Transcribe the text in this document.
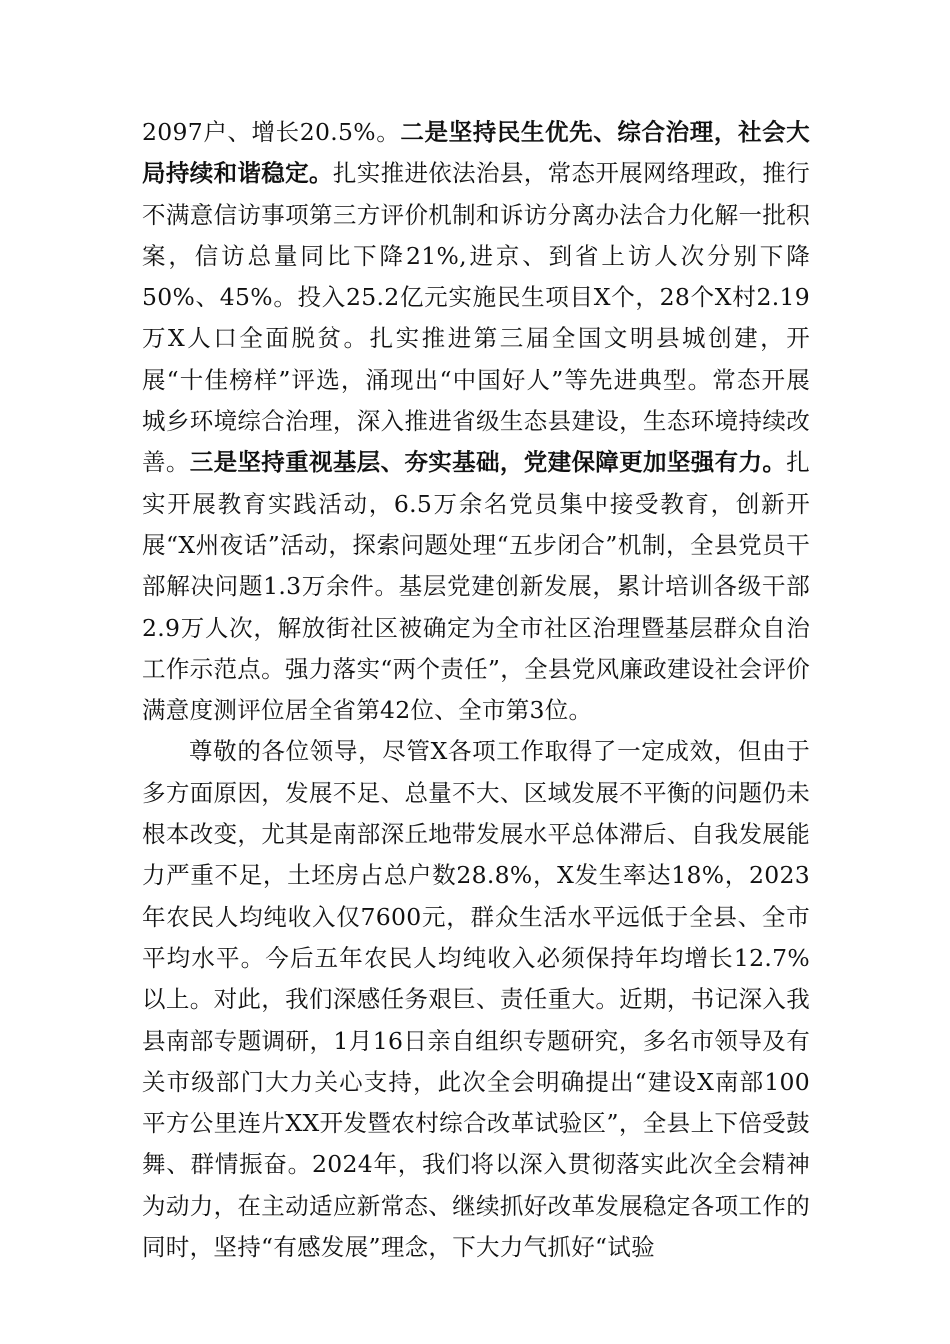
2097户、增长20.5%。二是坚持民生优先、综合治理，社会大局持续和谐稳定。扎实推进依法治县，常态开展网络理政，推行不满意信访事项第三方评价机制和诉访分离办法合力化解一批积案，信访总量同比下降21%,进京、到省上访人次分别下降50%、45%。投入25.2亿元实施民生项目X个，28个X村2.19万X人口全面脱贫。扎实推进第三届全国文明县城创建，开展“十佳榜样”评选，涌现出“中国好人”等先进典型。常态开展城乡环境综合治理，深入推进省级生态县建设，生态环境持续改善。三是坚持重视基层、夯实基础，党建保障更加坚强有力。扎实开展教育实践活动，6.5万余名党员集中接受教育，创新开展“X州夜话”活动，探索问题处理“五步闭合”机制，全县党员干部解决问题1.3万余件。基层党建创新发展，累计培训各级干部2.9万人次，解放街社区被确定为全市社区治理暨基层群众自治工作示范点。强力落实“两个责任”，全县党风廉政建设社会评价满意度测评位居全省第42位、全市第3位。

尊敬的各位领导，尽管X各项工作取得了一定成效，但由于多方面原因，发展不足、总量不大、区域发展不平衡的问题仍未根本改变，尤其是南部深丘地带发展水平总体滞后、自我发展能力严重不足，土坯房占总户数28.8%，X发生率达18%，2023年农民人均纯收入仅7600元，群众生活水平远低于全县、全市平均水平。今后五年农民人均纯收入必须保持年均增长12.7%以上。对此，我们深感任务艰巨、责任重大。近期，书记深入我县南部专题调研，1月16日亲自组织专题研究，多名市领导及有关市级部门大力关心支持，此次全会明确提出“建设X南部100平方公里连片XX开发暨农村综合改革试验区”，全县上下倍受鼓舞、群情振奋。2024年，我们将以深入贯彻落实此次全会精神为动力，在主动适应新常态、继续抓好改革发展稳定各项工作的同时，坚持“有感发展”理念，下大力气抓好“试验
